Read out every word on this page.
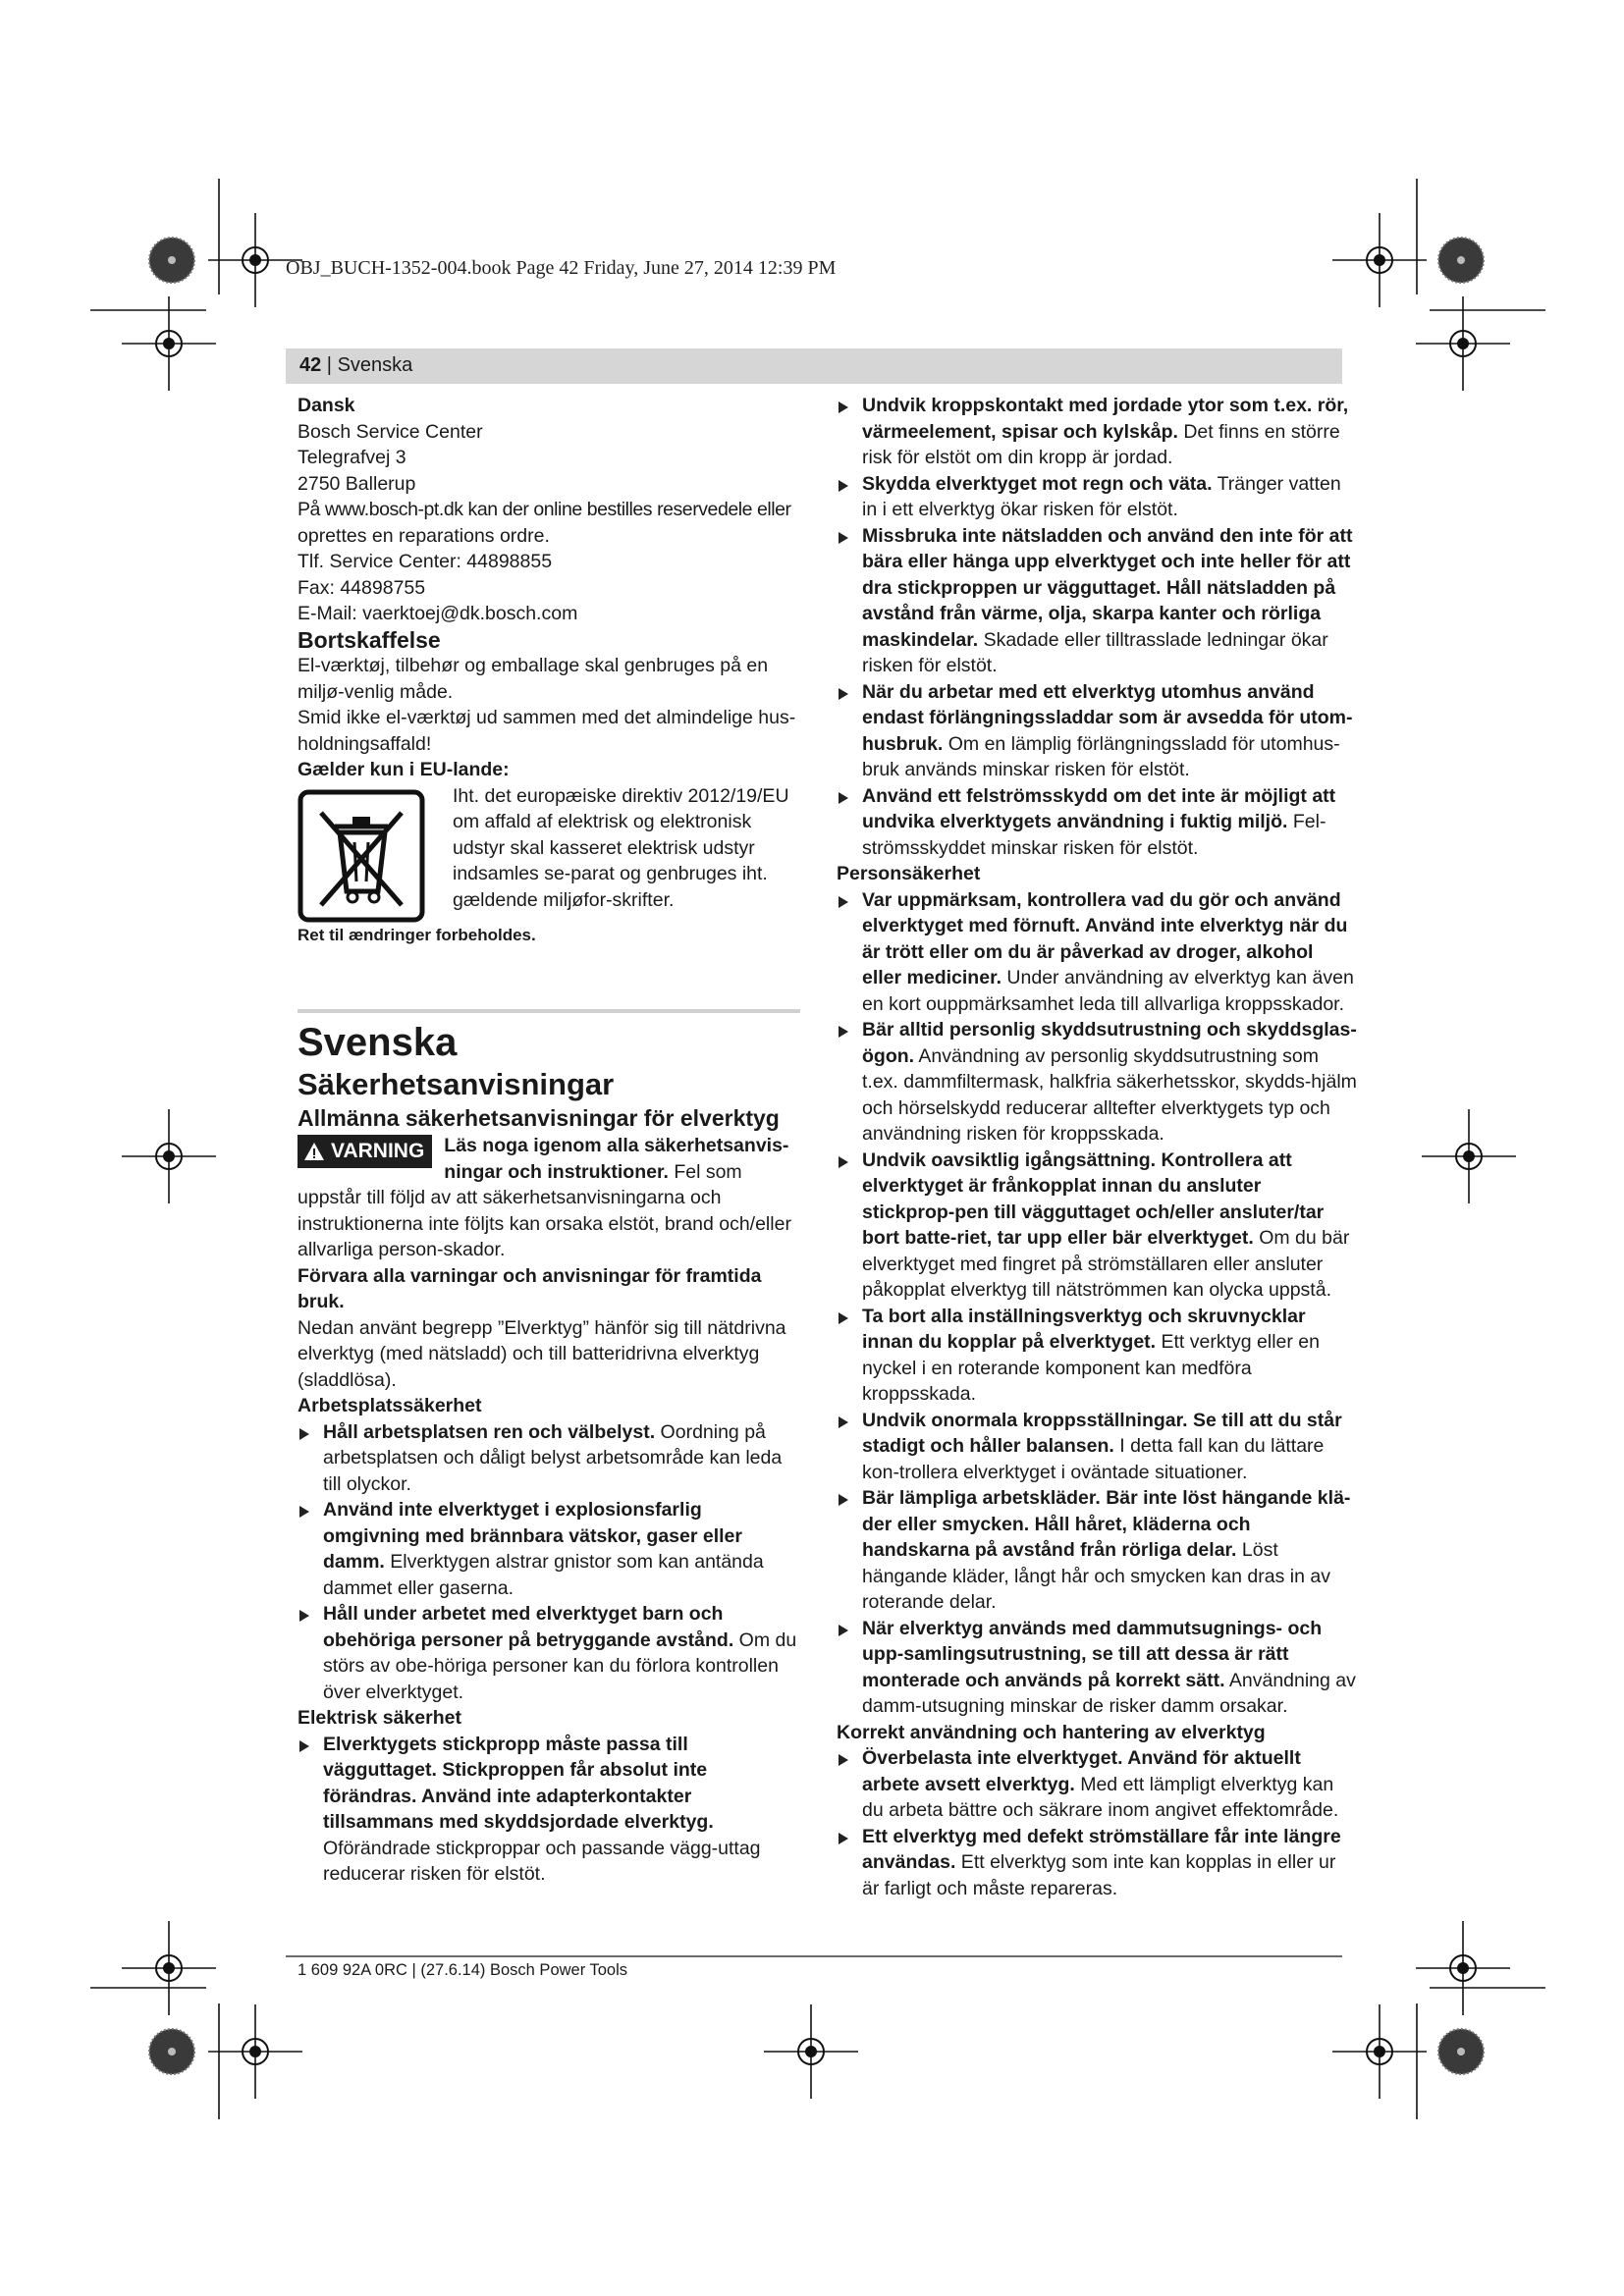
OBJ_BUCH-1352-004.book Page 42 Friday, June 27, 2014 12:39 PM
42 | Svenska

Dansk

Bosch Service Center
Telegrafvej 3
2750 Ballerup
På www.bosch-pt.dk kan der online bestilles reservedele eller
oprettes en reparations ordre.
Tlf. Service Center: 44898855
Fax: 44898755
E-Mail: vaerktoej@dk.bosch.com

Bortskaffelse

El-værktøj, tilbehør og emballage skal genbruges på en miljø-venlig måde.

Smid ikke el-værktøj ud sammen med det almindelige hus-holdningsaffald!

Gælder kun i EU-lande:

Iht. det europæiske direktiv 2012/19/EU om affald af elektrisk og elektronisk udstyr skal kasseret elektrisk udstyr indsamles se-parat og genbruges iht. gældende miljøfor-skrifter.

Ret til ændringer forbeholdes.

Svenska

Säkerhetsanvisningar

Allmänna säkerhetsanvisningar för elverktyg

VARNING Läs noga igenom alla säkerhetsanvis-ningar och instruktioner. Fel som uppstår till följd av att säkerhetsanvisningarna och instruktionerna inte följts kan orsaka elstöt, brand och/eller allvarliga person-skador.

Förvara alla varningar och anvisningar för framtida bruk.

Nedan använt begrepp ”Elverktyg” hänför sig till nätdrivna elverktyg (med nätsladd) och till batteridrivna elverktyg (sladdlösa).

Arbetsplatssäkerhet

Håll arbetsplatsen ren och välbelyst. Oordning på arbetsplatsen och dåligt belyst arbetsområde kan leda till olyckor.

Använd inte elverktyget i explosionsfarlig omgivning med brännbara vätskor, gaser eller damm. Elverktygen alstrar gnistor som kan antända dammet eller gaserna.

Håll under arbetet med elverktyget barn och obehöriga personer på betryggande avstånd. Om du störs av obe-höriga personer kan du förlora kontrollen över elverktyget.

Elektrisk säkerhet

Elverktygets stickpropp måste passa till vägguttaget. Stickproppen får absolut inte förändras. Använd inte adapterkontakter tillsammans med skyddsjordade elverktyg. Oförändrade stickproppar och passande vägg-uttag reducerar risken för elstöt.

Undvik kroppskontakt med jordade ytor som t.ex. rör, värmeelement, spisar och kylskåp. Det finns en större risk för elstöt om din kropp är jordad.

Skydda elverktyget mot regn och väta. Tränger vatten in i ett elverktyg ökar risken för elstöt.

Missbruka inte nätsladden och använd den inte för att bära eller hänga upp elverktyget och inte heller för att dra stickproppen ur vägguttaget. Håll nätsladden på avstånd från värme, olja, skarpa kanter och rörliga maskindelar. Skadade eller tilltrasslade ledningar ökar risken för elstöt.

När du arbetar med ett elverktyg utomhus använd endast förlängningssladdar som är avsedda för utom-husbruk. Om en lämplig förlängningssladd för utomhus-bruk används minskar risken för elstöt.

Använd ett felströmsskydd om det inte är möjligt att undvika elverktygets användning i fuktig miljö. Fel-strömsskyddet minskar risken för elstöt.

Personsäkerhet

Var uppmärksam, kontrollera vad du gör och använd elverktyget med förnuft. Använd inte elverktyg när du är trött eller om du är påverkad av droger, alkohol eller mediciner. Under användning av elverktyg kan även en kort ouppmärksamhet leda till allvarliga kroppsskador.

Bär alltid personlig skyddsutrustning och skyddsglas-ögon. Användning av personlig skyddsutrustning som t.ex. dammfiltermask, halkfria säkerhetsskor, skydds-hjälm och hörselskydd reducerar alltefter elverktygets typ och användning risken för kroppsskada.

Undvik oavsiktlig igångsättning. Kontrollera att elverktyget är frånkopplat innan du ansluter stickprop-pen till vägguttaget och/eller ansluter/tar bort batte-riet, tar upp eller bär elverktyget. Om du bär elverktyget med fingret på strömställaren eller ansluter påkopplat elverktyg till nätströmmen kan olycka uppstå.

Ta bort alla inställningsverktyg och skruvnycklar innan du kopplar på elverktyget. Ett verktyg eller en nyckel i en roterande komponent kan medföra kroppsskada.

Undvik onormala kroppsställningar. Se till att du står stadigt och håller balansen. I detta fall kan du lättare kon-trollera elverktyget i oväntade situationer.

Bär lämpliga arbetskläder. Bär inte löst hängande klä-der eller smycken. Håll håret, kläderna och handskarna på avstånd från rörliga delar. Löst hängande kläder, långt hår och smycken kan dras in av roterande delar.

När elverktyg används med dammutsugnings- och upp-samlingsutrustning, se till att dessa är rätt monterade och används på korrekt sätt. Användning av damm-utsugning minskar de risker damm orsakar.

Korrekt användning och hantering av elverktyg

Överbelasta inte elverktyget. Använd för aktuellt arbete avsett elverktyg. Med ett lämpligt elverktyg kan du arbeta bättre och säkrare inom angivet effektområde.

Ett elverktyg med defekt strömställare får inte längre användas. Ett elverktyg som inte kan kopplas in eller ur är farligt och måste repareras.

1 609 92A 0RC | (27.6.14) Bosch Power Tools
